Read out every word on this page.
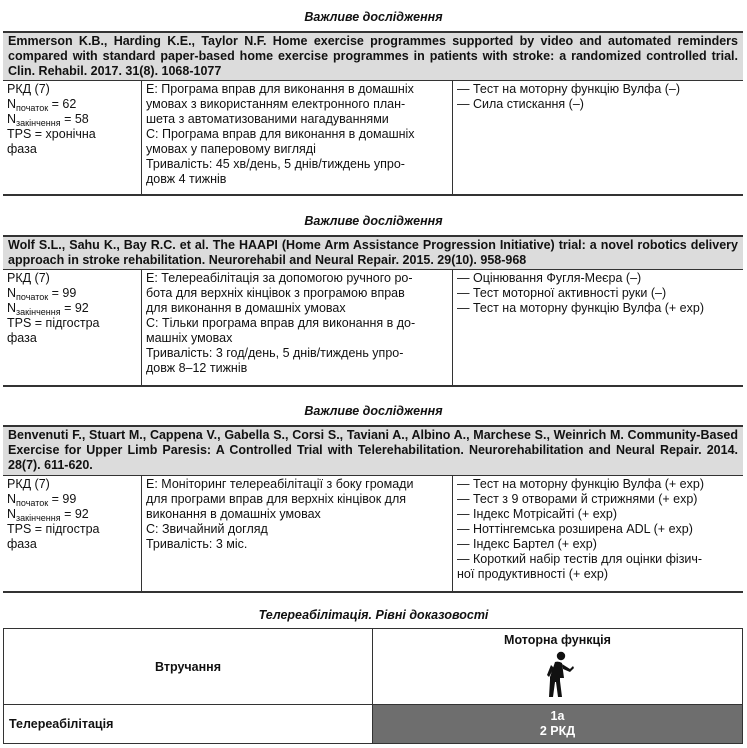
Важливе дослідження
Emmerson K.B., Harding K.E., Taylor N.F. Home exercise programmes supported by video and automated reminders compared with standard paper-based home exercise programmes in patients with stroke: a randomized controlled trial. Clin. Rehabil. 2017. 31(8). 1068-1077
РКД (7)
$N_{початок} = 62$
$N_{закінчення} = 58$
TPS = хронічна
фаза
Е: Програма вправ для виконання в домашніх
умовах з використанням електронного план-
шета з автоматизованими нагадуваннями
С: Програма вправ для виконання в домашніх
умовах у паперовому вигляді
Тривалість: 45 хв/день, 5 днів/тиждень упро-
довж 4 тижнів
— Тест на моторну функцію Вулфа (–)
— Сила стискання (–)
Важливе дослідження
Wolf S.L., Sahu K., Bay R.C. et al. The HAAPI (Home Arm Assistance Progression Initiative) trial: a novel robotics delivery approach in stroke rehabilitation. Neurorehabil and Neural Repair. 2015. 29(10). 958-968
РКД (7)
$N_{початок} = 99$
$N_{закінчення} = 92$
TPS = підгостра
фаза
Е: Телереабілітація за допомогою ручного ро-
бота для верхніх кінцівок з програмою вправ
для виконання в домашніх умовах
С: Тільки програма вправ для виконання в до-
машніх умовах
Тривалість: 3 год/день, 5 днів/тиждень упро-
довж 8–12 тижнів
— Оцінювання Фугля-Меєра (–)
— Тест моторної активності руки (–)
— Тест на моторну функцію Вулфа (+ exp)
Важливе дослідження
Benvenuti F., Stuart M., Cappena V., Gabella S., Corsi S., Taviani A., Albino A., Marchese S., Weinrich M. Community-Based Exercise for Upper Limb Paresis: A Controlled Trial with Telerehabilitation. Neurorehabilitation and Neural Repair. 2014. 28(7). 611-620.
РКД (7)
$N_{початок} = 99$
$N_{закінчення} = 92$
TPS = підгостра
фаза
Е: Моніторинг телереабілітації з боку громади
для програми вправ для верхніх кінцівок для
виконання в домашніх умовах
С: Звичайний догляд
Тривалість: 3 міс.
— Тест на моторну функцію Вулфа (+ exp)
— Тест з 9 отворами й стрижнями (+ exp)
— Індекс Мотрісайті (+ exp)
— Ноттінгемська розширена ADL (+ exp)
— Індекс Бартел (+ exp)
— Короткий набір тестів для оцінки фізич-
ної продуктивності (+ exp)
Телереабілітація. Рівні доказовості
Втручання
Моторна функція
Телереабілітація
1a
2 РКД
